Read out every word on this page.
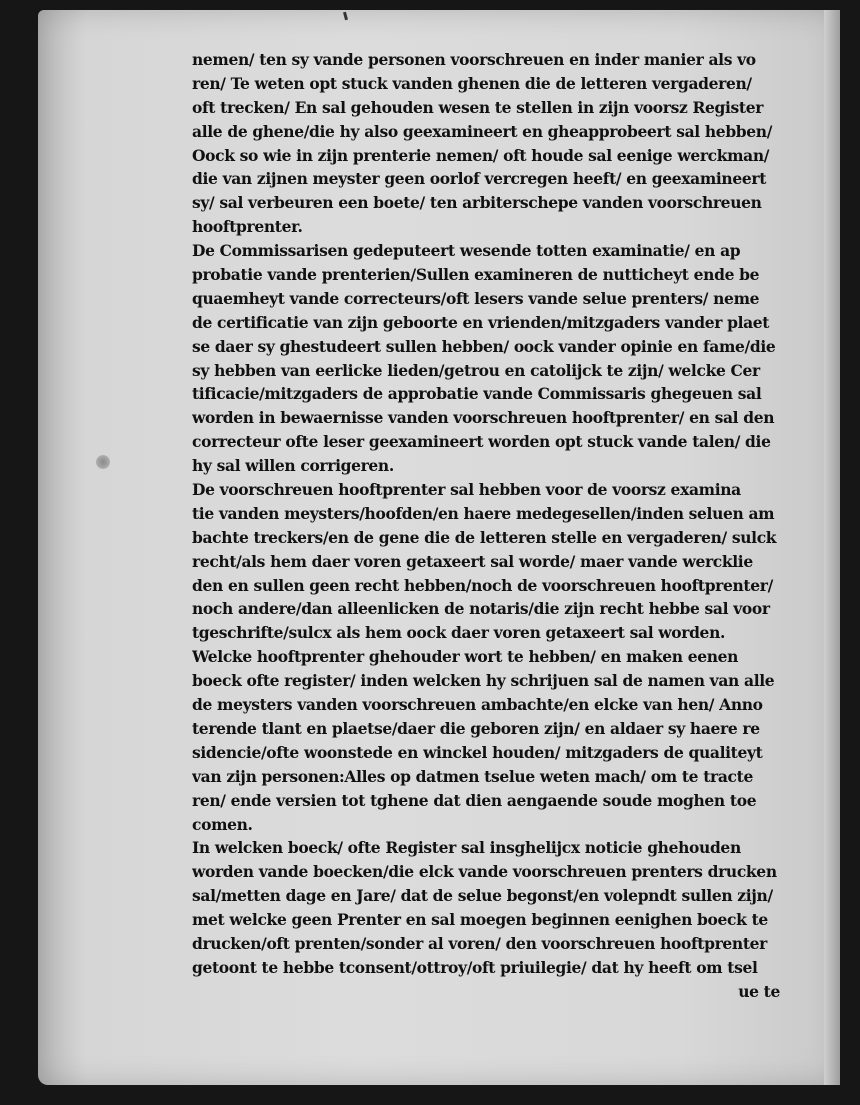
nemen/ ten sy vande personen voorschreuen en inder manier als vo
ren/ Te weten opt stuck vanden ghenen die de letteren vergaderen/
oft trecken/ En sal gehouden wesen te stellen in zijn voorsz Register
alle de ghene/die hy also geexamineert en gheapprobeert sal hebben/
Oock so wie in zijn prenterie nemen/ oft houde sal eenige werckman/
die van zijnen meyster geen oorlof vercregen heeft/ en geexamineert
sy/ sal verbeuren een boete/ ten arbiterschepe vanden voorschreuen
hooftprenter.
De Commissarisen gedeputeert wesende totten examinatie/ en ap
probatie vande prenterien/Sullen examineren de nutticheyt ende be
quaemheyt vande correcteurs/oft lesers vande selue prenters/ neme
de certificatie van zijn geboorte en vrienden/mitzgaders vander plaet
se daer sy ghestudeert sullen hebben/ oock vander opinie en fame/die
sy hebben van eerlicke lieden/getrou en catolijck te zijn/ welcke Cer
tificacie/mitzgaders de approbatie vande Commissaris ghegeuen sal
worden in bewaernisse vanden voorschreuen hooftprenter/ en sal den
correcteur ofte leser geexamineert worden opt stuck vande talen/ die
hy sal willen corrigeren.
De voorschreuen hooftprenter sal hebben voor de voorsz examina
tie vanden meysters/hoofden/en haere medegesellen/inden seluen am
bachte treckers/en de gene die de letteren stelle en vergaderen/ sulck
recht/als hem daer voren getaxeert sal worde/ maer vande wercklie
den en sullen geen recht hebben/noch de voorschreuen hooftprenter/
noch andere/dan alleenlicken de notaris/die zijn recht hebbe sal voor
tgeschrifte/sulcx als hem oock daer voren getaxeert sal worden.
Welcke hooftprenter ghehouder wort te hebben/ en maken eenen
boeck ofte register/ inden welcken hy schrijuen sal de namen van alle
de meysters vanden voorschreuen ambachte/en elcke van hen/ Anno
terende tlant en plaetse/daer die geboren zijn/ en aldaer sy haere re
sidencie/ofte woonstede en winckel houden/ mitzgaders de qualiteyt
van zijn personen:Alles op datmen tselue weten mach/ om te tracte
ren/ ende versien tot tghene dat dien aengaende soude moghen toe
comen.
In welcken boeck/ ofte Register sal insghelijcx noticie ghehouden
worden vande boecken/die elck vande voorschreuen prenters drucken
sal/metten dage en Jare/ dat de selue begonst/en volepndt sullen zijn/
met welcke geen Prenter en sal moegen beginnen eenighen boeck te
drucken/oft prenten/sonder al voren/ den voorschreuen hooftprenter
getoont te hebbe tconsent/ottroy/oft priuilegie/ dat hy heeft om tsel
ue te
